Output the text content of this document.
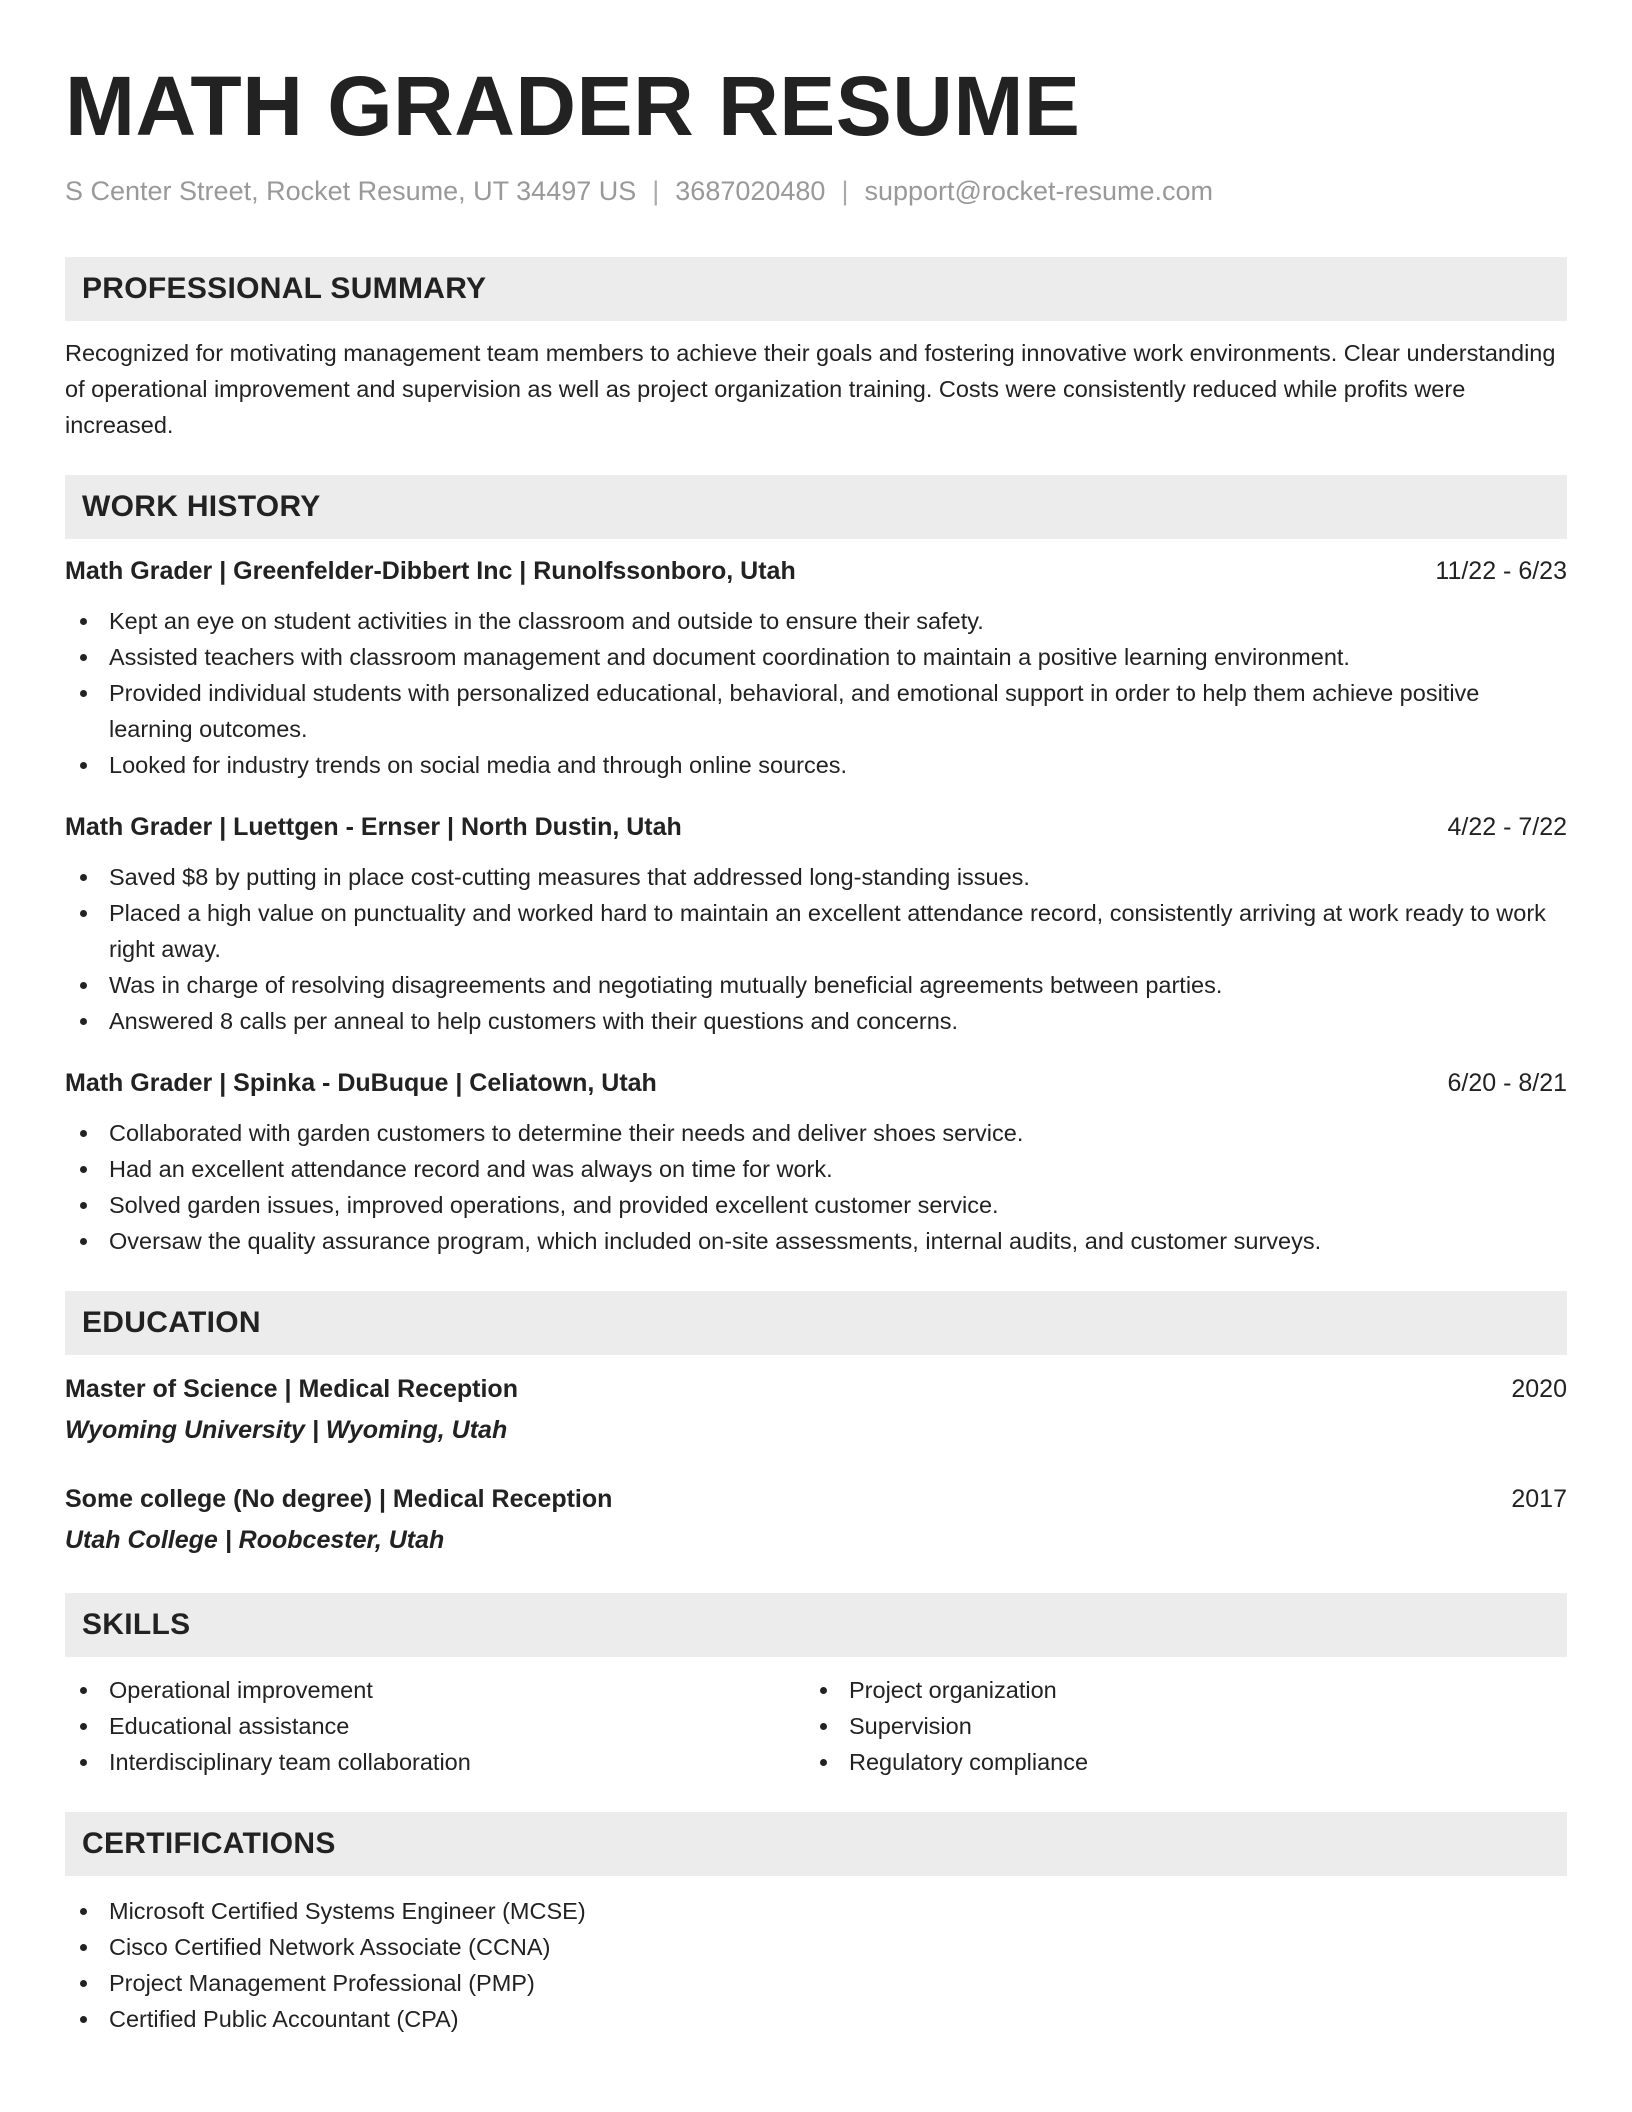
MATH GRADER RESUME
S Center Street, Rocket Resume, UT 34497 US | 3687020480 | support@rocket-resume.com
PROFESSIONAL SUMMARY

Recognized for motivating management team members to achieve their goals and fostering innovative work environments. Clear understanding of operational improvement and supervision as well as project organization training. Costs were consistently reduced while profits were increased.

WORK HISTORY
Math Grader | Greenfelder-Dibbert Inc | Runolfssonboro, Utah	11/22 - 6/23
Kept an eye on student activities in the classroom and outside to ensure their safety.
Assisted teachers with classroom management and document coordination to maintain a positive learning environment.
Provided individual students with personalized educational, behavioral, and emotional support in order to help them achieve positive learning outcomes.
Looked for industry trends on social media and through online sources.
Math Grader | Luettgen - Ernser | North Dustin, Utah	4/22 - 7/22
Saved $8 by putting in place cost-cutting measures that addressed long-standing issues.
Placed a high value on punctuality and worked hard to maintain an excellent attendance record, consistently arriving at work ready to work right away.
Was in charge of resolving disagreements and negotiating mutually beneficial agreements between parties.
Answered 8 calls per anneal to help customers with their questions and concerns.
Math Grader | Spinka - DuBuque | Celiatown, Utah	6/20 - 8/21
Collaborated with garden customers to determine their needs and deliver shoes service.
Had an excellent attendance record and was always on time for work.
Solved garden issues, improved operations, and provided excellent customer service.
Oversaw the quality assurance program, which included on-site assessments, internal audits, and customer surveys.
EDUCATION
Master of Science | Medical Reception	2020
Wyoming University | Wyoming, Utah
Some college (No degree) | Medical Reception	2017
Utah College | Roobcester, Utah
SKILLS
Operational improvement
Educational assistance
Interdisciplinary team collaboration
Project organization
Supervision
Regulatory compliance
CERTIFICATIONS
Microsoft Certified Systems Engineer (MCSE)
Cisco Certified Network Associate (CCNA)
Project Management Professional (PMP)
Certified Public Accountant (CPA)
